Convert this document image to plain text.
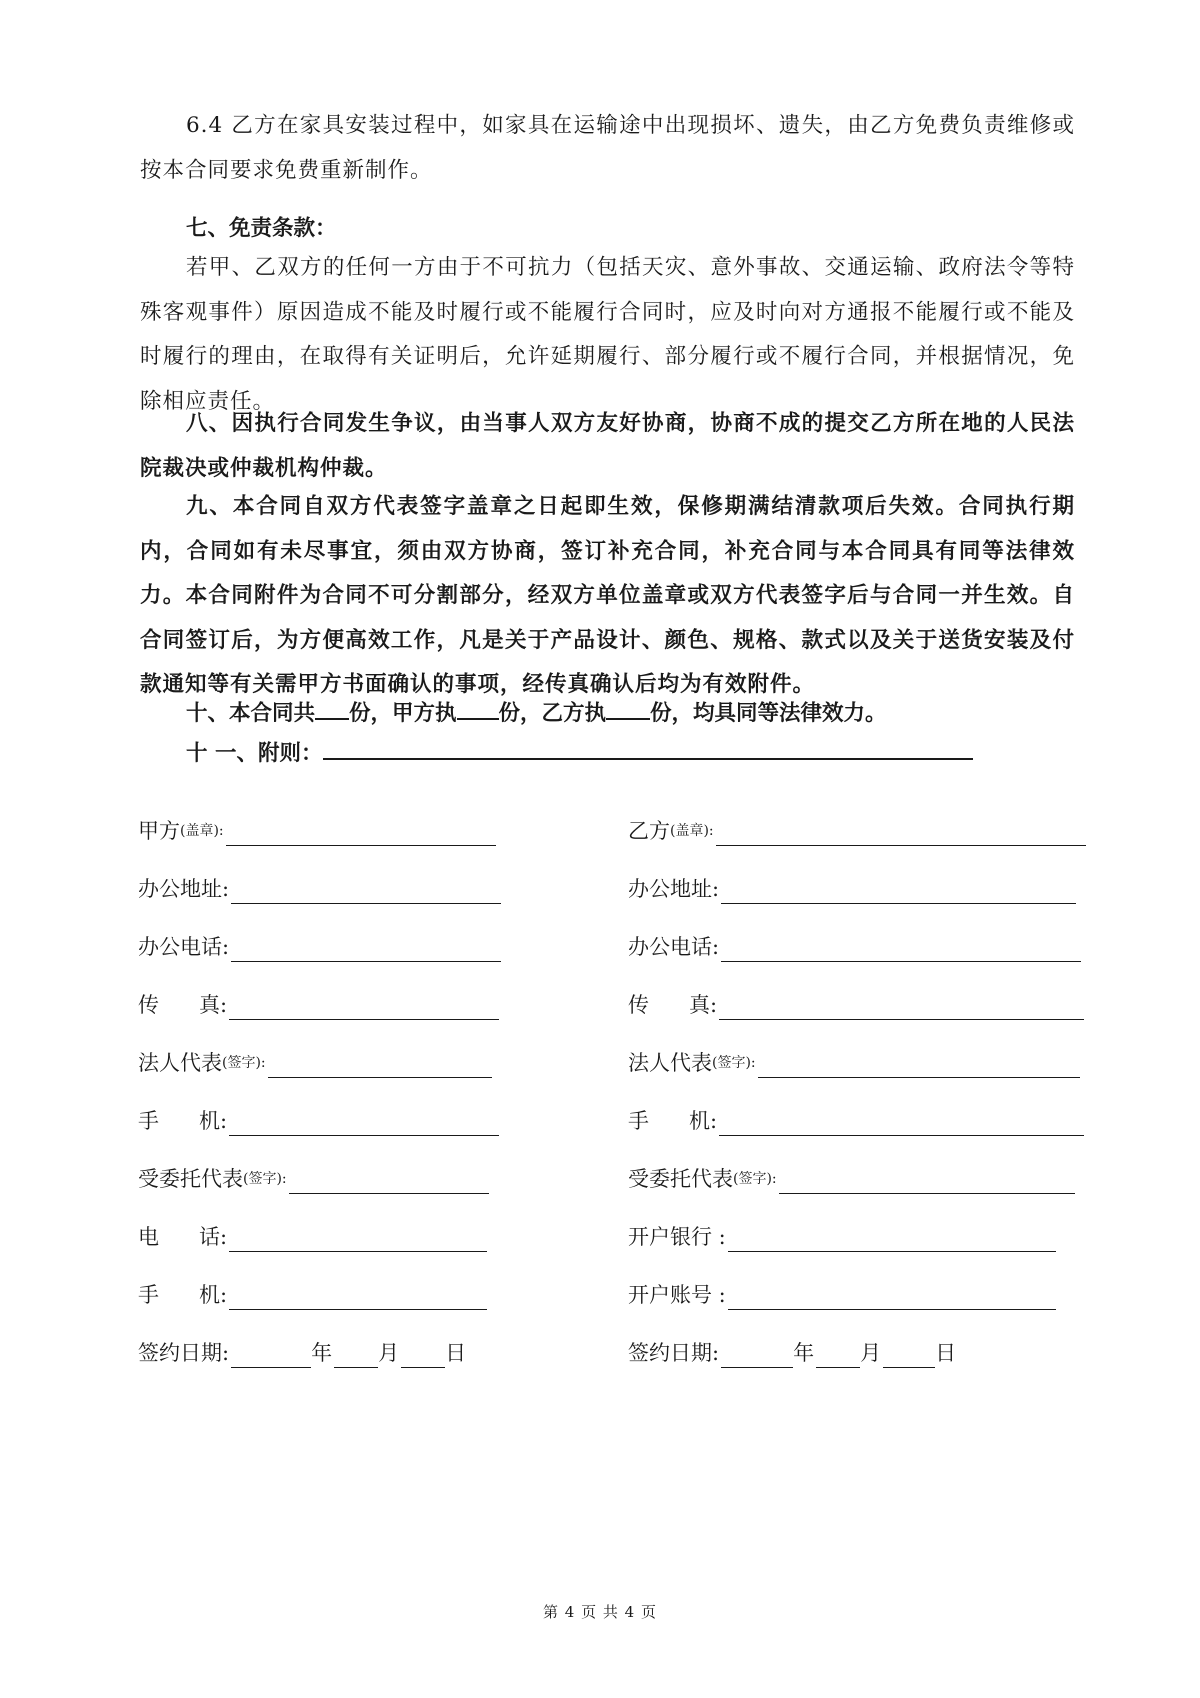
6.4 乙方在家具安装过程中，如家具在运输途中出现损坏、遗失，由乙方免费负责维修或按本合同要求免费重新制作。

七、免责条款：

若甲、乙双方的任何一方由于不可抗力（包括天灾、意外事故、交通运输、政府法令等特殊客观事件）原因造成不能及时履行或不能履行合同时，应及时向对方通报不能履行或不能及时履行的理由，在取得有关证明后，允许延期履行、部分履行或不履行合同，并根据情况，免除相应责任。

八、因执行合同发生争议，由当事人双方友好协商，协商不成的提交乙方所在地的人民法院裁决或仲裁机构仲裁。

九、本合同自双方代表签字盖章之日起即生效，保修期满结清款项后失效。合同执行期内，合同如有未尽事宜，须由双方协商，签订补充合同，补充合同与本合同具有同等法律效力。本合同附件为合同不可分割部分，经双方单位盖章或双方代表签字后与合同一并生效。自合同签订后，为方便高效工作，凡是关于产品设计、颜色、规格、款式以及关于送货安装及付款通知等有关需甲方书面确认的事项，经传真确认后均为有效附件。

十、本合同共 份，甲方执 份，乙方执 份，均具同等法律效力。
十 一、附则：
甲方 (盖章):
办公地址:
办公电话:
传      真:
法人代表 (签字):
手      机:
受委托代表 (签字):
电      话:
手      机:
签约日期:	年 月 日
乙方 (盖章):
办公地址:
办公电话:
传      真:
法人代表 (签字):
手      机:
受委托代表 (签字):
开户银行 :
开户账号 :
签约日期:	年 月	日
第 4 页 共 4 页
